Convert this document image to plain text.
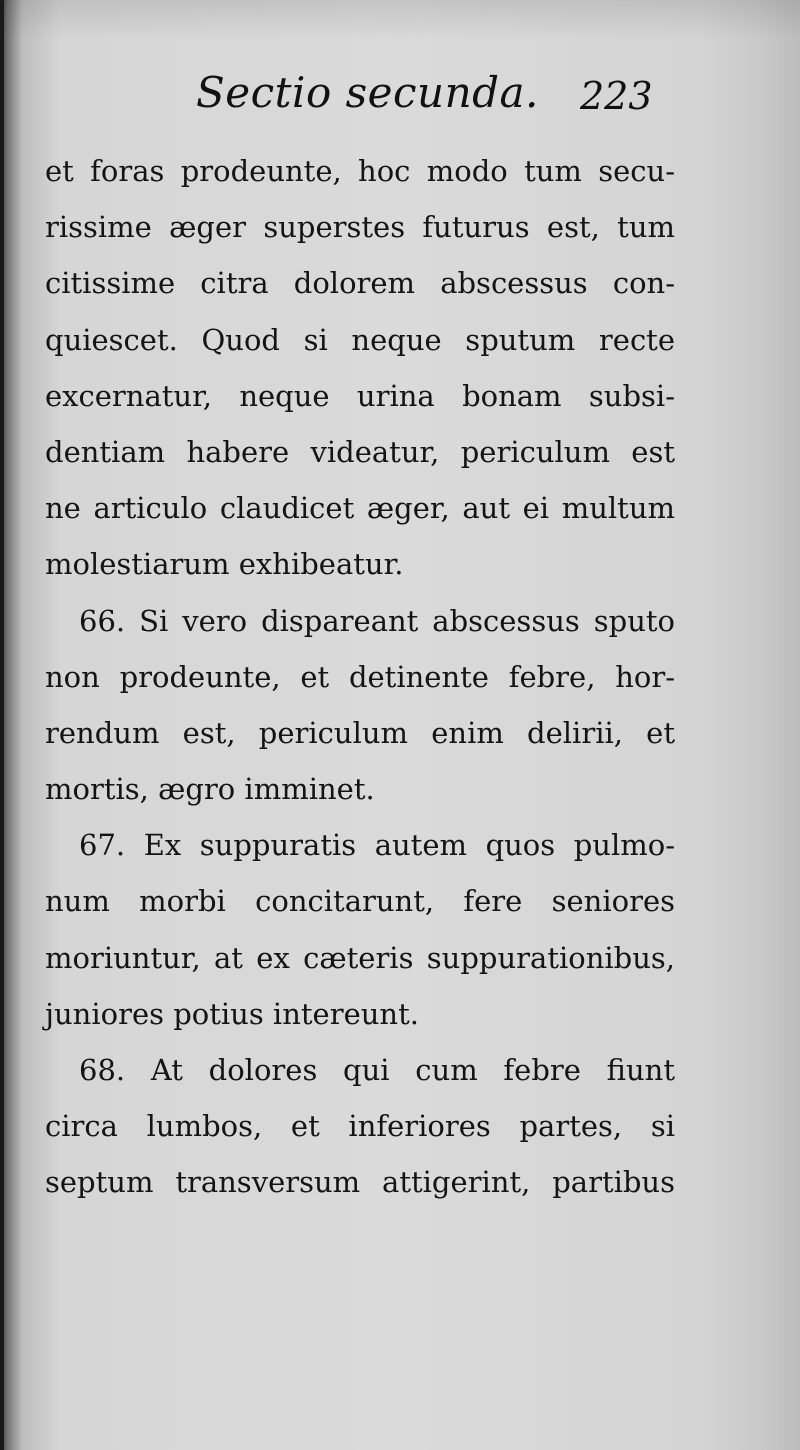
Sectio secunda. 223
et foras prodeunte, hoc modo tum secu-
rissime æger superstes futurus est, tum
citissime citra dolorem abscessus con-
quiescet. Quod si neque sputum recte
excernatur, neque urina bonam subsi-
dentiam habere videatur, periculum est
ne articulo claudicet æger, aut ei multum
molestiarum exhibeatur.
66. Si vero dispareant abscessus sputo
non prodeunte, et detinente febre, hor-
rendum est, periculum enim delirii, et
mortis, ægro imminet.
67. Ex suppuratis autem quos pulmo-
num morbi concitarunt, fere seniores
moriuntur, at ex cæteris suppurationibus,
juniores potius intereunt.
68. At dolores qui cum febre fiunt
circa lumbos, et inferiores partes, si
septum transversum attigerint, partibus
